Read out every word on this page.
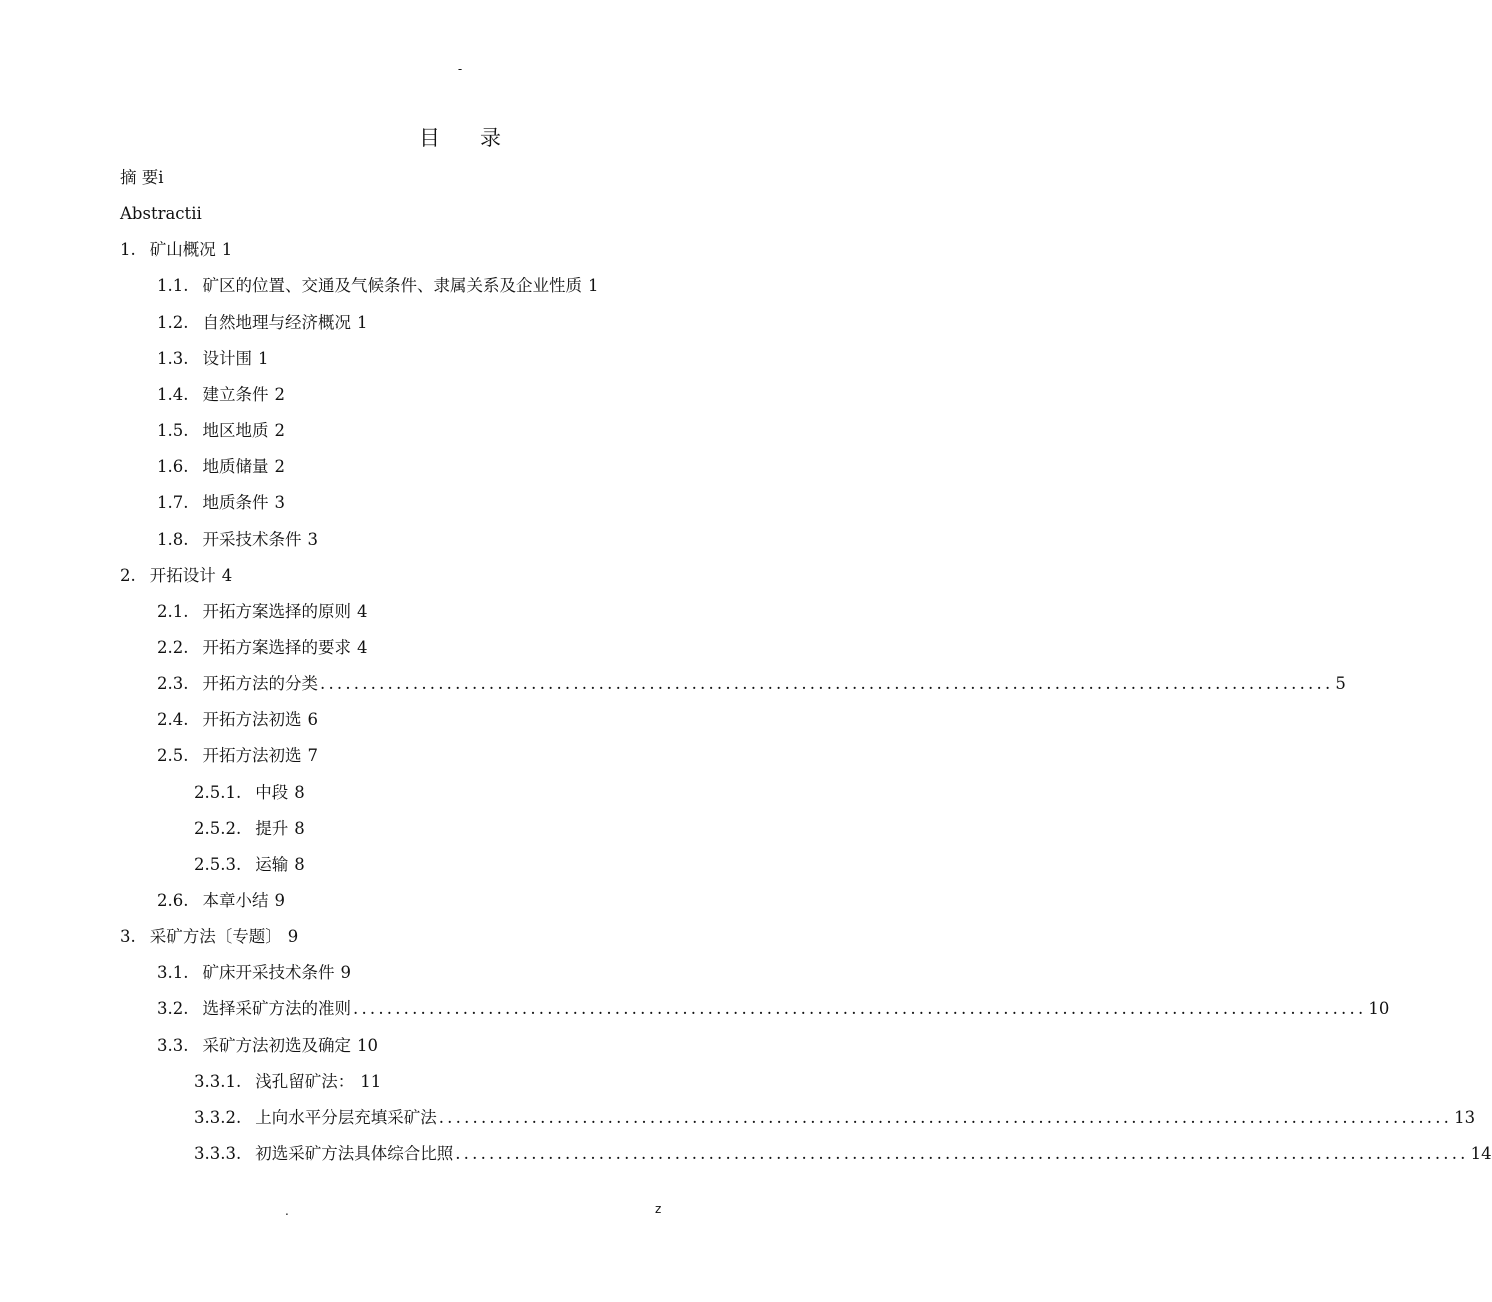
-
目 录
摘 要 i
Abstract ii
1. 矿山概况 1
1.1. 矿区的位置、交通及气候条件、隶属关系及企业性质 1
1.2. 自然地理与经济概况 1
1.3. 设计围 1
1.4. 建立条件 2
1.5. 地区地质 2
1.6. 地质储量 2
1.7. 地质条件 3
1.8. 开采技术条件 3
2. 开拓设计 4
2.1. 开拓方案选择的原则 4
2.2. 开拓方案选择的要求 4
2.3. 开拓方法的分类 ........................................................................................................................ 5
2.4. 开拓方法初选 6
2.5. 开拓方法初选 7
2.5.1. 中段 8
2.5.2. 提升 8
2.5.3. 运输 8
2.6. 本章小结 9
3. 采矿方法〔专题〕 9
3.1. 矿床开采技术条件 9
3.2. 选择采矿方法的准则 ........................................................................................................................ 10
3.3. 采矿方法初选及确定 10
3.3.1. 浅孔留矿法： 11
3.3.2. 上向水平分层充填采矿法 ........................................................................................................................ 13
3.3.3. 初选采矿方法具体综合比照 ........................................................................................................................ 14
.	z
